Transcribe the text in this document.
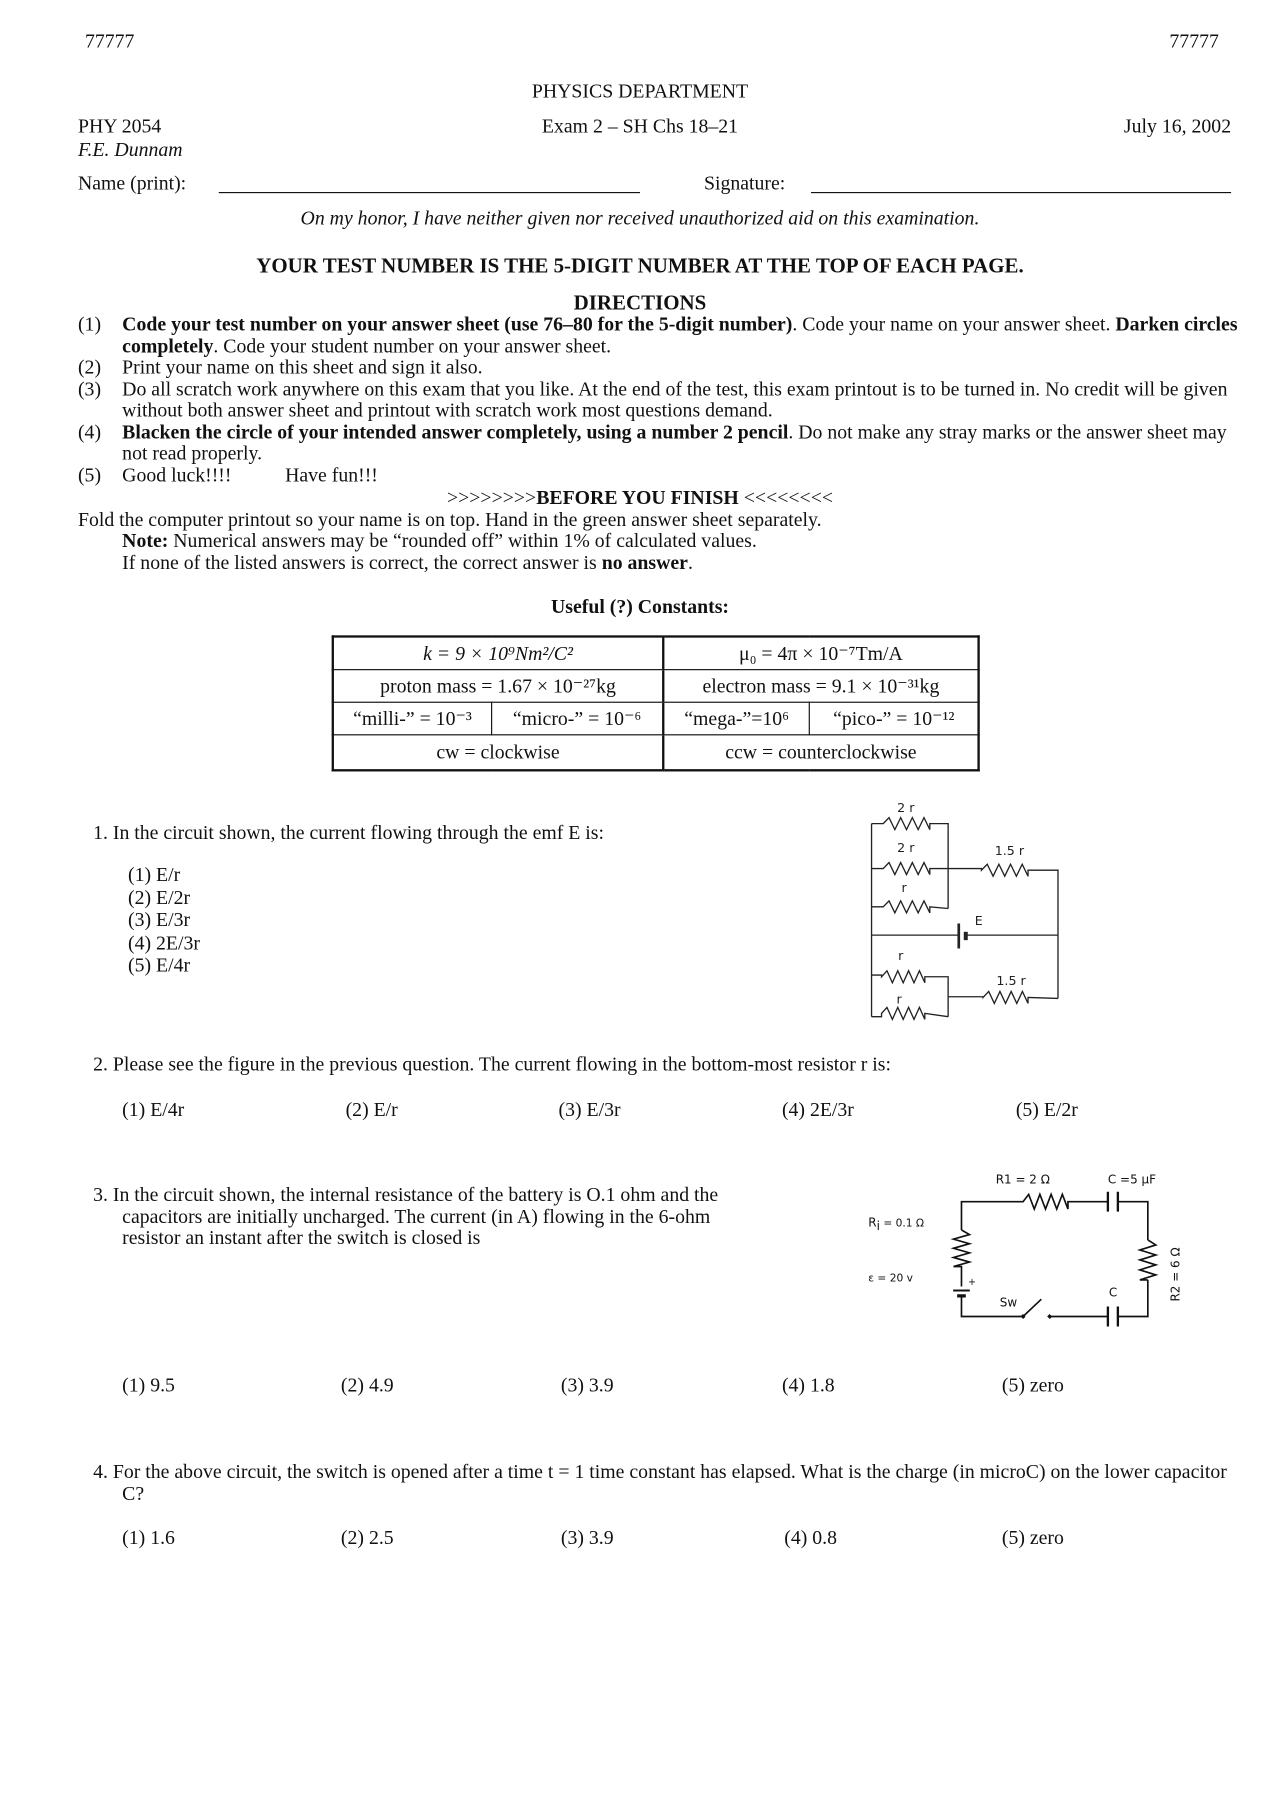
77777	77777
PHYSICS DEPARTMENT
PHY 2054	Exam 2 – SH Chs 18–21	July 16, 2002
F.E. Dunnam
Name (print):	Signature:
On my honor, I have neither given nor received unauthorized aid on this examination.
YOUR TEST NUMBER IS THE 5-DIGIT NUMBER AT THE TOP OF EACH PAGE.
DIRECTIONS
(1)	Code your test number on your answer sheet (use 76–80 for the 5-digit number). Code your name on your answer sheet. Darken circles completely. Code your student number on your answer sheet.
(2)	Print your name on this sheet and sign it also.
(3)	Do all scratch work anywhere on this exam that you like. At the end of the test, this exam printout is to be turned in. No credit will be given without both answer sheet and printout with scratch work most questions demand.
(4)	Blacken the circle of your intended answer completely, using a number 2 pencil. Do not make any stray marks or the answer sheet may not read properly.
(5)	Good luck!!!!	Have fun!!!
>>>>>>>>BEFORE YOU FINISH <<<<<<<<
Fold the computer printout so your name is on top. Hand in the green answer sheet separately.
Note: Numerical answers may be “rounded off” within 1% of calculated values.
If none of the listed answers is correct, the correct answer is no answer.
Useful (?) Constants:
k = 9 × 10⁹Nm²/C²		μ₀ = 4π × 10⁻⁷Tm/A	
proton mass = 1.67 × 10⁻²⁷kg		electron mass = 9.1 × 10⁻³¹kg	
“milli-” = 10⁻³	“micro-” = 10⁻⁶	“mega-”=10⁶	“pico-” = 10⁻¹²
cw = clockwise		ccw = counterclockwise	
1. In the circuit shown, the current flowing through the emf E is:
(1) E/r
(2) E/2r
(3) E/3r
(4) 2E/3r
(5) E/4r
2 r
2 r 1.5 r
r
E
r
1.5 r
r
2. Please see the figure in the previous question. The current flowing in the bottom-most resistor r is:
(1) E/4r	(2) E/r	(3) E/3r	(4) 2E/3r	(5) E/2r
3. In the circuit shown, the internal resistance of the battery is O.1 ohm and the capacitors are initially uncharged. The current (in A) flowing in the 6-ohm resistor an instant after the switch is closed is
R1 = 2 Ω C =5 μF
Ri = 0.1 Ω
ε = 20 v +
Sw
C R2 = 6 Ω
(1) 9.5	(2) 4.9	(3) 3.9	(4) 1.8	(5) zero
4. For the above circuit, the switch is opened after a time t = 1 time constant has elapsed. What is the charge (in microC) on the lower capacitor C?
(1) 1.6	(2) 2.5	(3) 3.9	(4) 0.8	(5) zero
